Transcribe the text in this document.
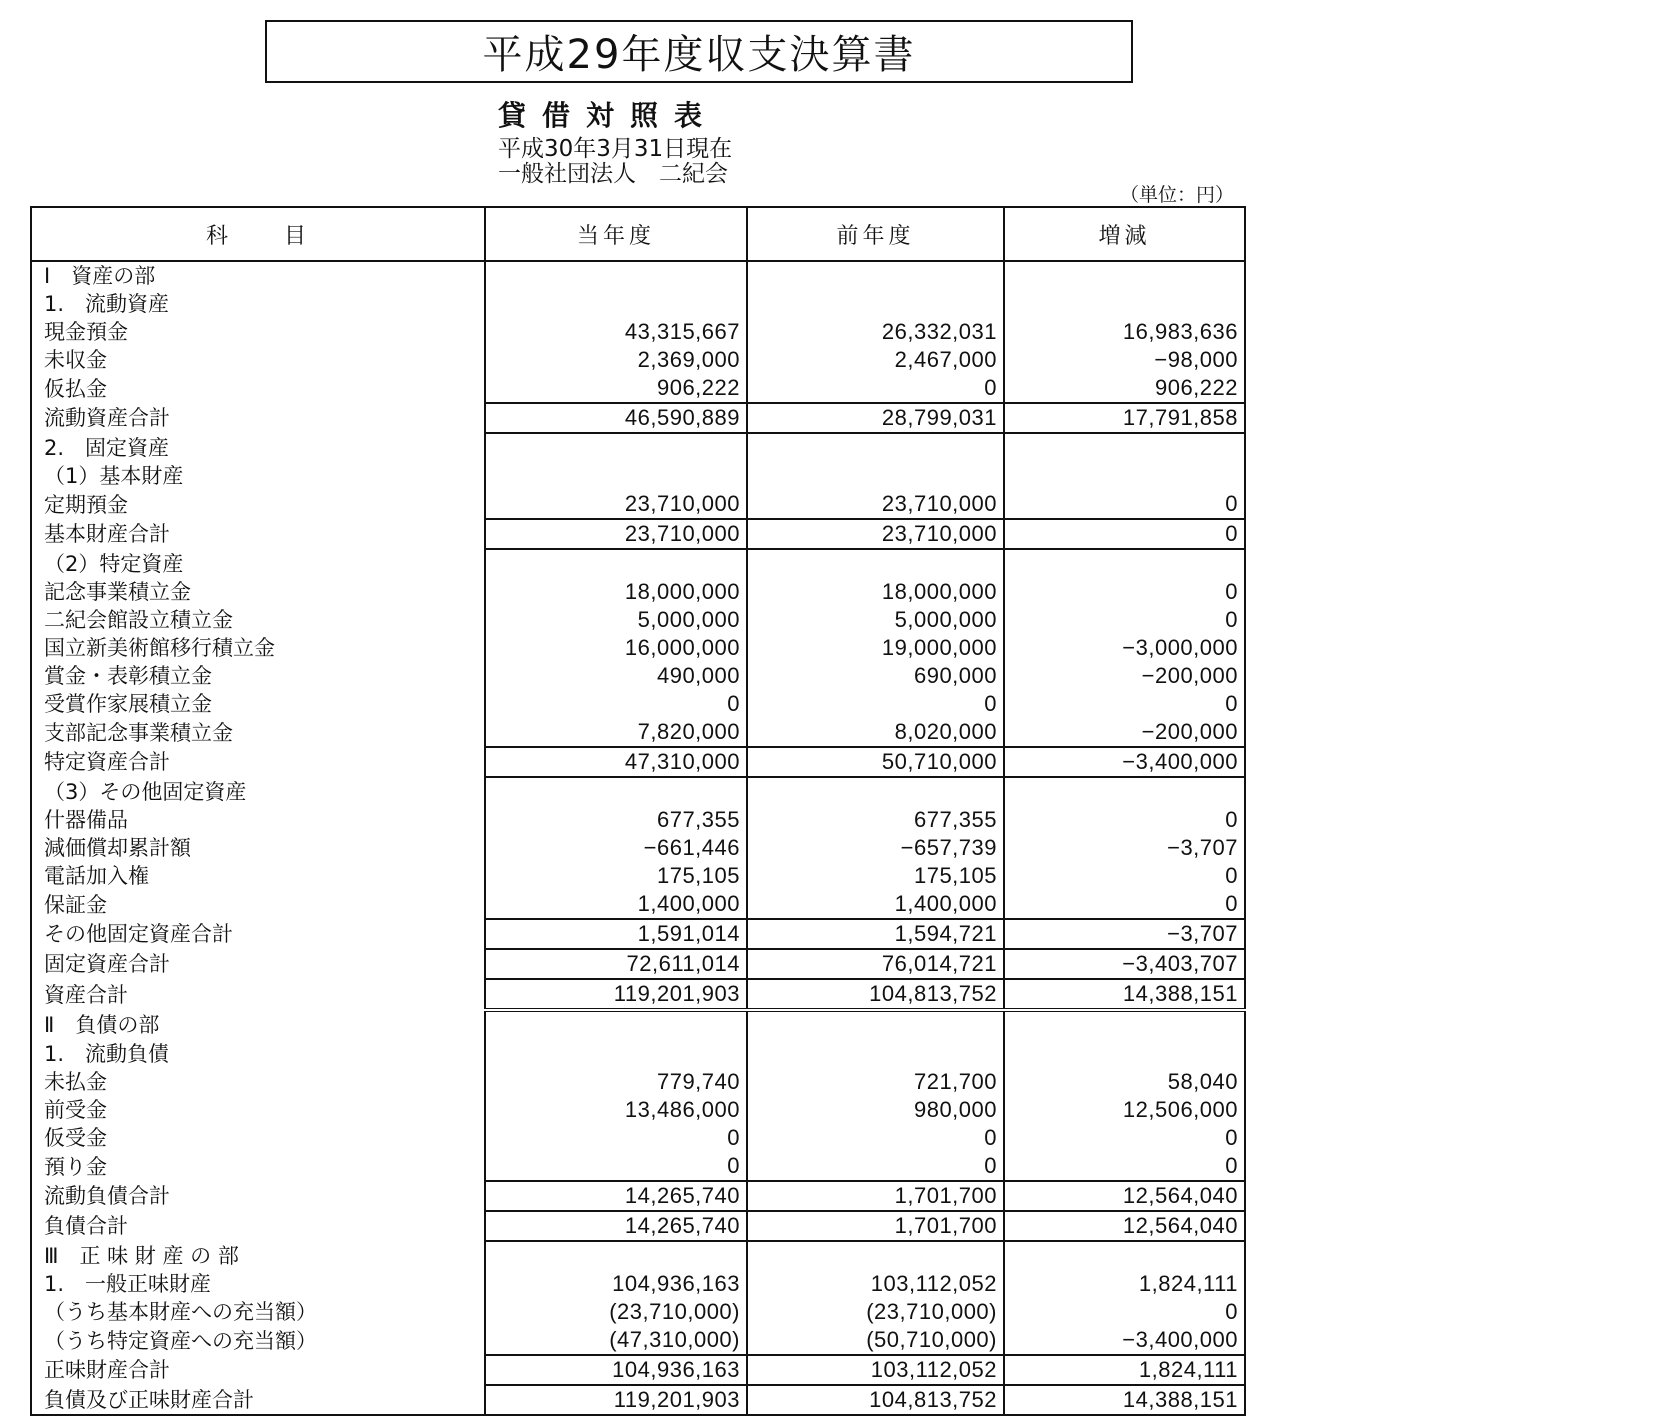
平成29年度収支決算書
貸借対照表
平成30年3月31日現在
一般社団法人　二紀会
（単位：円）
科　　目	当年度	前年度	増減
Ⅰ　資産の部			
1.　流動資産			
現金預金	43,315,667	26,332,031	16,983,636
未収金	2,369,000	2,467,000	−98,000
仮払金	906,222	0	906,222
流動資産合計	46,590,889	28,799,031	17,791,858
2.　固定資産			
（1）基本財産			
定期預金	23,710,000	23,710,000	0
基本財産合計	23,710,000	23,710,000	0
（2）特定資産			
記念事業積立金	18,000,000	18,000,000	0
二紀会館設立積立金	5,000,000	5,000,000	0
国立新美術館移行積立金	16,000,000	19,000,000	−3,000,000
賞金・表彰積立金	490,000	690,000	−200,000
受賞作家展積立金	0	0	0
支部記念事業積立金	7,820,000	8,020,000	−200,000
特定資産合計	47,310,000	50,710,000	−3,400,000
（3）その他固定資産			
什器備品	677,355	677,355	0
減価償却累計額	−661,446	−657,739	−3,707
電話加入権	175,105	175,105	0
保証金	1,400,000	1,400,000	0
その他固定資産合計	1,591,014	1,594,721	−3,707
固定資産合計	72,611,014	76,014,721	−3,403,707
資産合計	119,201,903	104,813,752	14,388,151
Ⅱ　負債の部			
1.　流動負債			
未払金	779,740	721,700	58,040
前受金	13,486,000	980,000	12,506,000
仮受金	0	0	0
預り金	0	0	0
流動負債合計	14,265,740	1,701,700	12,564,040
負債合計	14,265,740	1,701,700	12,564,040
Ⅲ　正 味 財 産 の 部			
1.　一般正味財産	104,936,163	103,112,052	1,824,111
（うち基本財産への充当額）	(23,710,000)	(23,710,000)	0
（うち特定資産への充当額）	(47,310,000)	(50,710,000)	−3,400,000
正味財産合計	104,936,163	103,112,052	1,824,111
負債及び正味財産合計	119,201,903	104,813,752	14,388,151
